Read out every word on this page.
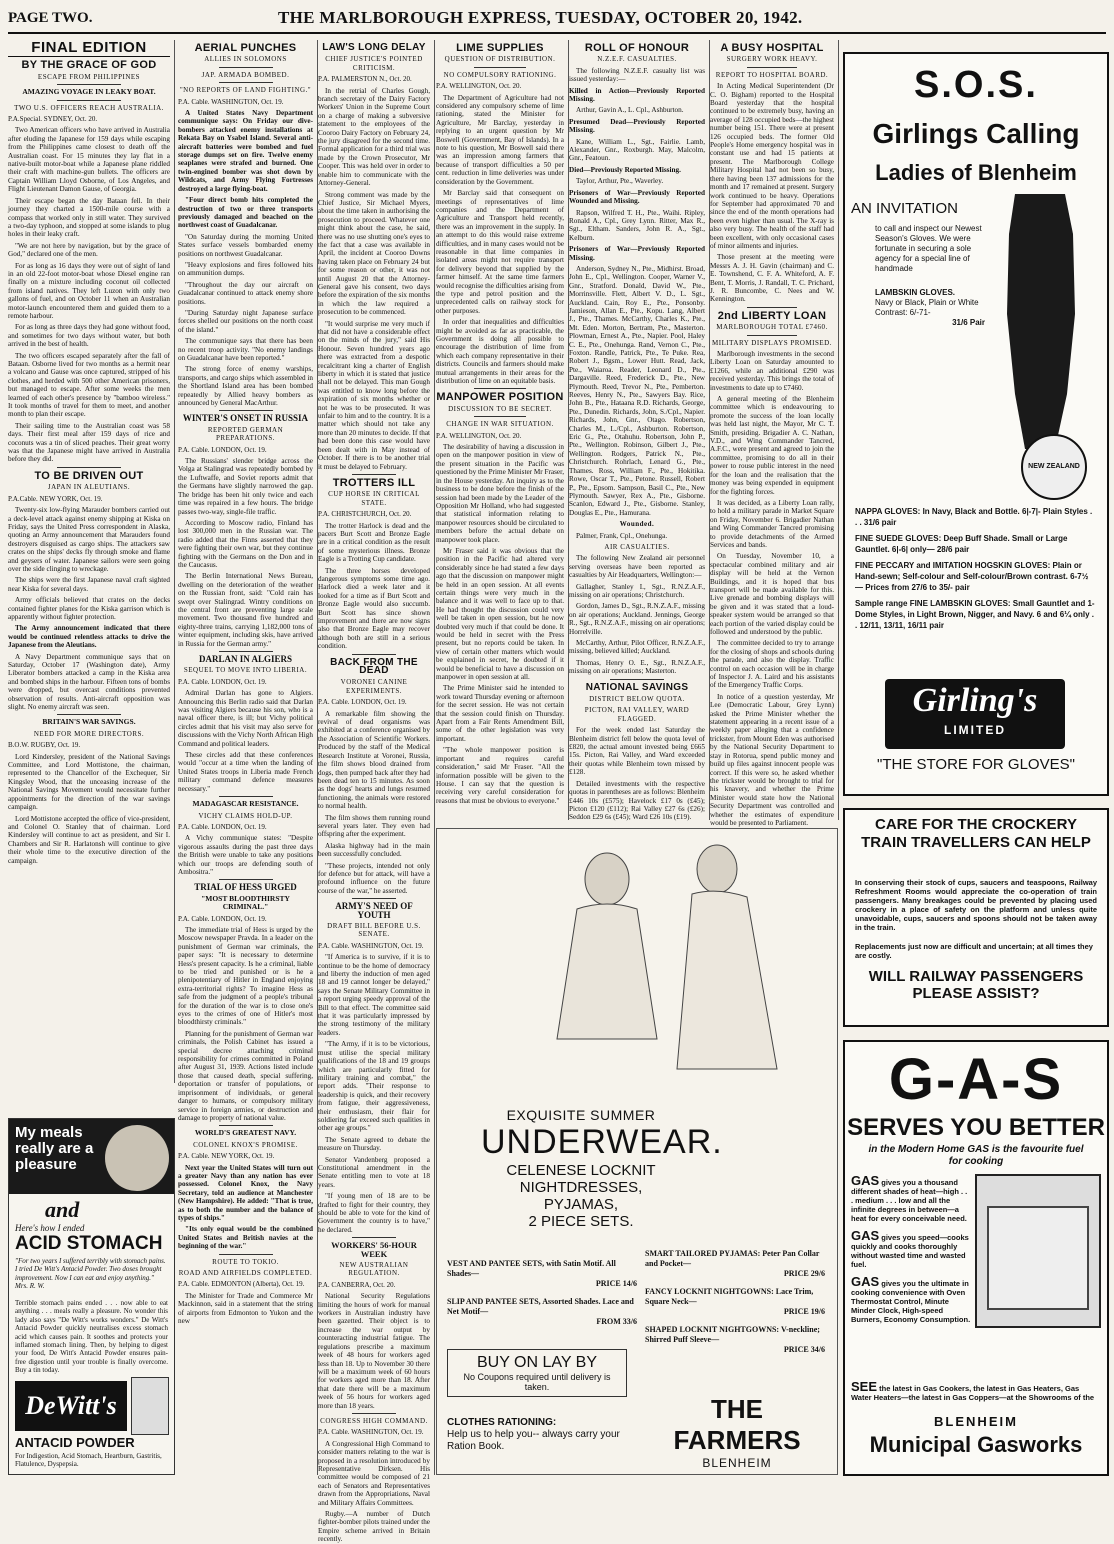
PAGE TWO.	THE MARLBOROUGH EXPRESS, TUESDAY, OCTOBER 20, 1942.
FINAL EDITION
BY THE GRACE OF GOD
ESCAPE FROM PHILIPPINES
AMAZING VOYAGE IN LEAKY BOAT.
TWO U.S. OFFICERS REACH AUSTRALIA.
P.A.Special. SYDNEY, Oct. 20.

Two American officers who have arrived in Australia after eluding the Japanese for 159 days while escaping from the Philippines came closest to death off the Australian coast. For 15 minutes they lay flat in a native-built motor-boat while a Japanese plane riddled their craft with machine-gun bullets. The officers are Captain William Lloyd Osborne, of Los Angeles, and Flight Lieutenant Damon Gause, of Georgia.

Their escape began the day Bataan fell. In their journey they charted a 1500-mile course with a compass that worked only in still water. They survived a two-day typhoon, and stopped at some islands to plug holes in their leaky craft.

"We are not here by navigation, but by the grace of God," declared one of the men.

For as long as 16 days they were out of sight of land in an old 22-foot motor-boat whose Diesel engine ran finally on a mixture including coconut oil collected from island natives. They left Luzon with only two gallons of fuel, and on October 11 when an Australian motor-launch encountered them and guided them to a remote harbour.

For as long as three days they had gone without food, and sometimes for two days without water, but both arrived in the best of health.

The two officers escaped separately after the fall of Bataan. Osborne lived for two months as a hermit near a volcano and Gause was once captured, stripped of his clothes, and herded with 500 other American prisoners, but managed to escape. After some weeks the men learned of each other's presence by "bamboo wireless." It took months of travel for them to meet, and another month to plan their escape.

Their sailing time to the Australian coast was 58 days. Their first meal after 159 days of rice and coconuts was a tin of sliced peaches. Their great worry was that the Japanese might have arrived in Australia before they did.

TO BE DRIVEN OUT
JAPAN IN ALEUTIANS.
P.A.Cable. NEW YORK, Oct. 19.

Twenty-six low-flying Marauder bombers carried out a deck-level attack against enemy shipping at Kiska on Friday, says the United Press correspondent in Alaska, quoting an Army announcement that Marauders found destroyers disguised as cargo ships. The attackers saw crates on the ships' decks fly through smoke and flame and geysers of water. Japanese sailors were seen going over the side clinging to wreckage.

The ships were the first Japanese naval craft sighted near Kiska for several days.

Army officials believed that crates on the decks contained fighter planes for the Kiska garrison which is apparently without fighter protection.

The Army announcement indicated that there would be continued relentless attacks to drive the Japanese from the Aleutians.

A Navy Department communique says that on Saturday, October 17 (Washington date), Army Liberator bombers attacked a camp in the Kiska area and bombed ships in the harbour. Fifteen tons of bombs were dropped, but overcast conditions prevented observation of results. Anti-aircraft opposition was slight. No enemy aircraft was seen.

BRITAIN'S WAR SAVINGS.
NEED FOR MORE DIRECTORS.
B.O.W. RUGBY, Oct. 19.

Lord Kindersley, president of the National Savings Committee, and Lord Mottistone, the chairman, represented to the Chancellor of the Exchequer, Sir Kingsley Wood, that the unceasing increase of the National Savings Movement would necessitate further appointments for the direction of the war savings campaign.

Lord Mottistone accepted the office of vice-president, and Colonel O. Stanley that of chairman. Lord Kindersley will continue to act as president, and Sir I. Chambers and Sir R. Harlatonsh will continue to give their whole time to the executive direction of the campaign.

My meals
really are a
pleasure
and
Here's how I ended
ACID STOMACH
"For two years I suffered terribly with stomach pains. I tried De Witt's Antacid Powder. Two doses brought improvement. Now I can eat and enjoy anything." Mrs. R. W.
Terrible stomach pains ended . . . now able to eat anything . . . meals really a pleasure. No wonder this lady also says "De Witt's works wonders." De Witt's Antacid Powder quickly neutralises excess stomach acid which causes pain. It soothes and protects your inflamed stomach lining. Then, by helping to digest your food, De Witt's Antacid Powder ensures pain-free digestion until your trouble is finally overcome. Buy a tin today.
DeWitt's
ANTACID POWDER
For Indigestion, Acid Stomach, Heartburn, Gastritis, Flatulence, Dyspepsia.
AERIAL PUNCHES
ALLIES IN SOLOMONS
JAP. ARMADA BOMBED.
"NO REPORTS OF LAND FIGHTING."
P.A. Cable. WASHINGTON, Oct. 19.

A United States Navy Department communique says: On Friday our dive-bombers attacked enemy installations at Rekata Bay on Ysabel Island. Several anti-aircraft batteries were bombed and fuel storage dumps set on fire. Twelve enemy seaplanes were strafed and burned. One twin-engined bomber was shot down by Wildcats, and Army Flying Fortresses destroyed a large flying-boat.

"Four direct bomb hits completed the destruction of two or three transports previously damaged and beached on the northwest coast of Guadalcanar.

"On Saturday during the morning United States surface vessels bombarded enemy positions on northwest Guadalcanar.

"Heavy explosions and fires followed hits on ammunition dumps.

"Throughout the day our aircraft on Guadalcanar continued to attack enemy shore positions.

"During Saturday night Japanese surface forces shelled our positions on the north coast of the island."

The communique says that there has been no recent troop activity. "No enemy landings on Guadalcanar have been reported."

The strong force of enemy warships, transports, and cargo ships which assembled in the Shortland Island area has been bombed repeatedly by Allied heavy bombers as announced by General MacArthur.

WINTER'S ONSET IN RUSSIA
REPORTED GERMAN PREPARATIONS.
P.A. Cable. LONDON, Oct. 19.

The Russians' slender bridge across the Volga at Stalingrad was repeatedly bombed by the Luftwaffe, and Soviet reports admit that the Germans have slightly narrowed the gap. The bridge has been hit only twice and each time was repaired in a few hours. The bridge passes two-way, single-file traffic.

According to Moscow radio, Finland has lost 300,000 men in the Russian war. The radio added that the Finns asserted that they were fighting their own war, but they continue fighting with the Germans on the Don and in the Caucasus.

The Berlin International News Bureau, dwelling on the deterioration of the weather on the Russian front, said: "Cold rain has swept over Stalingrad. Wintry conditions on the central front are preventing large scale movement. Two thousand five hundred and eighty-three trains, carrying 1,182,000 tons of winter equipment, including skis, have arrived in Russia for the German army."

DARLAN IN ALGIERS
SEQUEL TO MOVE INTO LIBERIA.
P.A. Cable. LONDON, Oct. 19.

Admiral Darlan has gone to Algiers. Announcing this Berlin radio said that Darlan was visiting Algiers because his son, who is a naval officer there, is ill; but Vichy political circles admit that his visit may also serve for discussions with the Vichy North African High Command and political leaders.

These circles add that these conferences would "occur at a time when the landing of United States troops in Liberia made French military command defence measures necessary."

MADAGASCAR RESISTANCE.
VICHY CLAIMS HOLD-UP.
P.A. Cable. LONDON, Oct. 19.

A Vichy communique states: "Despite vigorous assaults during the past three days the British were unable to take any positions which our troops are defending south of Ambositra."

TRIAL OF HESS URGED
"MOST BLOODTHIRSTY CRIMINAL."
P.A. Cable. LONDON, Oct. 19.

The immediate trial of Hess is urged by the Moscow newspaper Pravda. In a leader on the punishment of German war criminals, the paper says: "It is necessary to determine Hess's present capacity. Is he a criminal, liable to be tried and punished or is he a plenipotentiary of Hitler in England enjoying extra-territorial rights? To imagine Hess as safe from the judgment of a people's tribunal for the duration of the war is to close one's eyes to the crimes of one of Hitler's most bloodthirsty criminals."

Planning for the punishment of German war criminals, the Polish Cabinet has issued a special decree attaching criminal responsibility for crimes committed in Poland after August 31, 1939. Actions listed include those that caused death, special suffering, deportation or transfer of populations, or imprisonment of individuals, or general danger to humans, or compulsory military service in foreign armies, or destruction and damage to property of national value.

WORLD'S GREATEST NAVY.
COLONEL KNOX'S PROMISE.
P.A. Cable. NEW YORK, Oct. 19.

Next year the United States will turn out a greater Navy than any nation has ever possessed. Colonel Knox, the Navy Secretary, told an audience at Manchester (New Hampshire). He added: "That is true, as to both the number and the balance of types of ships."

"Its only equal would be the combined United States and British navies at the beginning of the war."

ROUTE TO TOKIO.
ROAD AND AIRFIELDS COMPLETED.
P.A. Cable. EDMONTON (Alberta), Oct. 19.

The Minister for Trade and Commerce Mr Mackinnon, said in a statement that the string of airports from Edmonton to Yukon and the new

LAW'S LONG DELAY
CHIEF JUSTICE'S POINTED CRITICISM.
P.A. PALMERSTON N., Oct. 20.

In the retrial of Charles Gough, branch secretary of the Dairy Factory Workers' Union in the Supreme Court on a charge of making a subversive statement to the employees of the Cooroo Dairy Factory on February 24, the jury disagreed for the second time. Formal application for a third trial was made by the Crown Prosecutor, Mr Cooper. This was held over in order to enable him to communicate with the Attorney-General.

Strong comment was made by the Chief Justice, Sir Michael Myers, about the time taken in authorising the prosecution to proceed. Whatever one might think about the case, he said, there was no use shutting one's eyes to the fact that a case was available in April, the incident at Cooroo Downs having taken place on February 24 but for some reason or other, it was not until August 20 that the Attorney-General gave his consent, two days before the expiration of the six months in which the law required a prosecution to be commenced.

"It would surprise me very much if that did not have a considerable effect on the minds of the jury," said His Honour. Seven hundred years ago there was extracted from a despotic recalcitrant king a charter of English liberty in which it is stated that justice shall not be delayed. This man Gough was entitled to know long before the expiration of six months whether or not he was to be prosecuted. It was unfair to him and to the country. It is a matter which should not take any more than 20 minutes to decide. If that had been done this case would have been dealt with in May instead of October. If there is to be another trial it must be delayed to February.

TROTTERS ILL
CUP HORSE IN CRITICAL STATE.
P.A. CHRISTCHURCH, Oct. 20.

The trotter Harlock is dead and the pacers Burt Scott and Bronze Eagle are in a critical condition as the result of some mysterious illness. Bronze Eagle is a Trotting Cup candidate.

The three horses developed dangerous symptoms some time ago. Harlock died a week later and it looked for a time as if Burt Scott and Bronze Eagle would also succumb. Burt Scott has since shown improvement and there are now signs also that Bronze Eagle may recover although both are still in a serious condition.

BACK FROM THE DEAD
VORONEI CANINE EXPERIMENTS.
P.A. Cable. LONDON, Oct. 19.

A remarkable film showing the revival of dead organisms was exhibited at a conference organised by the Association of Scientific Workers. Produced by the staff of the Medical Research Institute at Voronei, Russia, the film shows blood drained from dogs, then pumped back after they had been dead ten to 15 minutes. As soon as the dogs' hearts and lungs resumed functioning, the animals were restored to normal health.

The film shows them running round several years later. They even had offspring after the experiment.

Alaska highway had in the main been successfully concluded.

"These projects, intended not only for defence but for attack, will have a profound influence on the future course of the war," he asserted.

ARMY'S NEED OF YOUTH
DRAFT BILL BEFORE U.S. SENATE.
P.A. Cable. WASHINGTON, Oct. 19.

"If America is to survive, if it is to continue to be the home of democracy and liberty the induction of men aged 18 and 19 cannot longer be delayed," says the Senate Military Committee in a report urging speedy approval of the Bill to that effect. The committee said that it was particularly impressed by the strong testimony of the military leaders.

"The Army, if it is to be victorious, must utilise the special military qualifications of the 18 and 19 groups which are particularly fitted for military training and combat," the report adds. "Their response to leadership is quick, and their recovery from fatigue, their aggressiveness, their enthusiasm, their flair for soldiering far exceed such qualities in other age groups."

The Senate agreed to debate the measure on Thursday.

Senator Vandenberg proposed a Constitutional amendment in the Senate entitling men to vote at 18 years.

"If young men of 18 are to be drafted to fight for their country, they should be able to vote for the kind of Government the country is to have," he declared.

WORKERS' 56-HOUR WEEK
NEW AUSTRALIAN REGULATION.
P.A. CANBERRA, Oct. 20.

National Security Regulations limiting the hours of work for manual workers in Australian industry have been gazetted. Their object is to increase the war output by counteracting industrial fatigue. The regulations prescribe a maximum week of 48 hours for workers aged less than 18. Up to November 30 there will be a maximum week of 60 hours for workers aged more than 18. After that date there will be a maximum week of 56 hours for workers aged more than 18 years.

CONGRESS HIGH COMMAND.
P.A. Cable. WASHINGTON, Oct. 19.

A Congressional High Command to consider matters relating to the war is proposed in a resolution introduced by Representative Dirksen. His committee would be composed of 21 each of Senators and Representatives drawn from the Appropriations, Naval and Military Affairs Committees.

Rugby.—A number of Dutch fighter-bomber pilots trained under the Empire scheme arrived in Britain recently.

LIME SUPPLIES
QUESTION OF DISTRIBUTION.
NO COMPULSORY RATIONING.
P.A. WELLINGTON, Oct. 20.

The Department of Agriculture had not considered any compulsory scheme of lime rationing, stated the Minister for Agriculture, Mr Barclay, yesterday in replying to an urgent question by Mr Boswell (Government, Bay of Islands). In a note to his question, Mr Boswell said there was an impression among farmers that because of transport difficulties a 50 per cent. reduction in lime deliveries was under consideration by the Government.

Mr Barclay said that consequent on meetings of representatives of lime companies and the Department of Agriculture and Transport held recently, there was an improvement in the supply. In an attempt to do this would raise extreme difficulties, and in many cases would not be reasonable in that lime companies in isolated areas might not require transport for delivery beyond that supplied by the farmer himself. At the same time farmers would recognise the difficulties arising from the type and petrol position and the unprecedented calls on railway stock for other purposes.

In order that inequalities and difficulties might be avoided as far as practicable, the Government is doing all possible to encourage the distribution of lime from which each company representative in their districts. Councils and farmers should make mutual arrangements in their areas for the distribution of lime on an equitable basis.

MANPOWER POSITION
DISCUSSION TO BE SECRET.
CHANGE IN WAR SITUATION.
P.A. WELLINGTON, Oct. 20.

The desirability of having a discussion in open on the manpower position in view of the present situation in the Pacific was questioned by the Prime Minister Mr Fraser, in the House yesterday. An inquiry as to the business to be done before the finish of the session had been made by the Leader of the Opposition Mr Holland, who had suggested that statistical information relating to manpower resources should be circulated to members before the actual debate on manpower took place.

Mr Fraser said it was obvious that the position in the Pacific had altered very considerably since he had stated a few days ago that the discussion on manpower might be held in an open session. At all events certain things were very much in the balance and it was well to face up to that. He had thought the discussion could very well be taken in open session, but he now doubted very much if that could be done. It would be held in secret with the Press present, but no reports could be taken. In view of certain other matters which would be explained in secret, he doubted if it would be beneficial to have a discussion on manpower in open session at all.

The Prime Minister said he intended to work toward Thursday evening or afternoon for the secret session. He was not certain that the session could finish on Thursday. Apart from a Fair Rents Amendment Bill, some of the other legislation was very important.

"The whole manpower position is important and requires careful consideration," said Mr Fraser. "All the information possible will be given to the House. I can say that the question is receiving very careful consideration for reasons that must be obvious to everyone."

ROLL OF HONOUR
N.Z.E.F. CASUALTIES.

The following N.Z.E.F. casualty list was issued yesterday:—

Killed in Action—Previously Reported Missing.

Arthur, Gavin A., L. Cpl., Ashburton.

Presumed Dead—Previously Reported Missing.

Kane, William L., Sgt., Fairlie. Lamb, Alexander, Gnr., Roxburgh. May, Malcolm, Gnr., Featoun.

Died—Previously Reported Missing.

Taylor, Arthur, Pte., Waverley.

Prisoners of War—Previously Reported Wounded and Missing.

Rapson, Wilfred T. H., Pte., Waihi. Ripley, Ronald A., Cpl., Grey Lynn. Ritter, Max R., Sgt., Eltham. Sanders, John R. A., Sgt., Kelburn.

Prisoners of War—Previously Reported Missing.

Anderson, Sydney N., Pte., Midhirst. Broad, John E., Cpl., Wellington. Cooper, Warner V., Gnr., Stratford. Donald, David W., Pte., Morrinsville. Flett, Albert V. D., L. Sgt., Auckland. Cain, Roy E., Pte., Ponsonby. Jamieson, Allan E., Pte., Kopu. Lang, Albert J., Pte., Thames. McCarthy, Charles K., Pte., Mt. Eden. Morton, Bertram, Pte., Masterton. Plowman, Ernest A., Pte., Napier. Pool, Haley C. E., Pte., Onehunga. Rand, Vernon C., Pte., Foxton. Randle, Patrick, Pte., Te Puke. Rea, Robert J., Bgsm., Lower Hutt. Read, Jack, Pte., Waiaroa. Reader, Leonard D., Pte., Dargaville. Reed, Frederick D., Pte., New Plymouth. Reed, Trevor N., Pte., Pemberton. Reeves, Henry N., Pte., Sawyers Bay. Rice, John B., Pte., Hataana R.D. Richards, George, Pte., Dunedin. Richards, John, S./Cpl., Napier. Richards, John, Gnr., Otago. Robertson, Charles M., L./Cpl., Ashburton. Robertson, Eric G., Pte., Otahuhu. Robertson, John P., Pte., Wellington. Robinson, Gilbert J., Pte., Wellington. Rodgers, Patrick N., Pte., Christchurch. Rohrlach, Lenard G., Pte., Thames. Ross, William F., Pte., Hokitika. Rowe, Oscar T., Pte., Petone. Russell, Robert P., Pte., Epsom. Sampson, Basil C., Pte., New Plymouth. Sawyer, Rex A., Pte., Gisborne. Scanlon, Edward J., Pte., Gisborne. Stanley, Douglas E., Pte., Hamurana.

Wounded.

Palmer, Frank, Cpl., Onehunga.

AIR CASUALTIES.

The following New Zealand air personnel serving overseas have been reported as casualties by Air Headquarters, Wellington:—

Gallagher, Stanley I., Sgt., R.N.Z.A.F., missing on air operations; Christchurch.

Gordon, James D., Sgt., R.N.Z.A.F., missing on air operations; Auckland. Jennings, George R., Sgt., R.N.Z.A.F., missing on air operations; Horrelville.

McCarthy, Arthur, Pilot Officer, R.N.Z.A.F., missing, believed killed; Auckland.

Thomas, Henry O. E., Sgt., R.N.Z.A.F., missing on air operations; Masterton.

NATIONAL SAVINGS
DISTRICT BELOW QUOTA.
PICTON, RAI VALLEY, WARD FLAGGED.

For the week ended last Saturday the Blenheim district fell below the quota level of £820, the actual amount invested being £665 15s. Picton, Rai Valley, and Ward exceeded their quotas while Blenheim town missed by £128.

Detailed investments with the respective quotas in parentheses are as follows: Blenheim £446 10s (£575); Havelock £17 0s (£45); Picton £120 (£112); Rai Valley £27 6s (£26); Seddon £29 6s (£45); Ward £26 10s (£19).

A BUSY HOSPITAL
SURGERY WORK HEAVY.
REPORT TO HOSPITAL BOARD.

In Acting Medical Superintendent (Dr C. O. Bigham) reported to the Hospital Board yesterday that the hospital continued to be extremely busy, having an average of 128 occupied beds—the highest number being 151. There were at present 126 occupied beds. The former Old People's Home emergency hospital was in constant use and had 15 patients at present. The Marlborough College Military Hospital had not been so busy, there having been 137 admissions for the month and 17 remained at present. Surgery work continued to be heavy. Operations for September had approximated 70 and since the end of the month operations had been even higher than usual. The X-ray is also very busy. The health of the staff had been excellent, with only occasional cases of minor ailments and injuries.

Those present at the meeting were Messrs A. J. H. Gavin (chairman) and C. E. Townshend, C. F. A. Whiteford, A. F. Bent, T. Morris, J. Randall, T. C. Prichard, J. R. Buncombe, C. Nees and W. Kennington.

2nd LIBERTY LOAN
MARLBOROUGH TOTAL £7460.
MILITARY DISPLAYS PROMISED.

Marlborough investments in the second Liberty Loan on Saturday amounted to £1266, while an additional £290 was received yesterday. This brings the total of investments to date up to £7460.

A general meeting of the Blenheim committee which is endeavouring to promote the success of the loan locally was held last night, the Mayor, Mr C. T. Smith, presiding. Brigadier A. C. Nathan, V.D., and Wing Commander Tancred, A.F.C., were present and agreed to join the committee, promising to do all in their power to rouse public interest in the need for the loan and the realisation that the money was being expended in equipment for the fighting forces.

It was decided, as a Liberty Loan rally, to hold a military parade in Market Square on Friday, November 6. Brigadier Nathan and Wing Commander Tancred promising to provide detachments of the Armed Services and bands.

On Tuesday, November 10, a spectacular combined military and air display will be held at the Vernon Buildings, and it is hoped that bus transport will be made available for this. Live grenade and bombing displays will be given and it was stated that a loud-speaker system would be arranged so that each portion of the varied display could be followed and understood by the public.

The committee decided to try to arrange for the closing of shops and schools during the parade, and also the display. Traffic control on each occasion will be in charge of Inspector J. A. Laird and his assistants of the Emergency Traffic Corps.

In notice of a question yesterday, Mr Lee (Democratic Labour, Grey Lynn) asked the Prime Minister whether the statement appearing in a recent issue of a weekly paper alleging that a confidence trickster, from Mount Eden was authorised by the National Security Department to stay in Rotorua, spend public money and build up files against innocent people was correct. If this were so, he asked whether the trickster would be brought to trial for his knavery, and whether the Prime Minister would state how the National Security Department was controlled and whether the estimates of expenditure would be presented to Parliament.

EXQUISITE SUMMER
UNDERWEAR.
CELENESE LOCKNIT
NIGHTDRESSES, PYJAMAS,
2 PIECE SETS.
VEST AND PANTEE SETS, with Satin Motif. All Shades—
PRICE 14/6
SLIP AND PANTEE SETS, Assorted Shades. Lace and Net Motif—
FROM 33/6
SMART TAILORED PYJAMAS: Peter Pan Collar and Pocket—
PRICE 29/6
FANCY LOCKNIT NIGHTGOWNS: Lace Trim, Square Neck—
PRICE 19/6
SHAPED LOCKNIT NIGHTGOWNS: V-neckline; Shirred Puff Sleeve—
PRICE 34/6
BUY ON LAY BY
No Coupons required until delivery is taken.
CLOTHES RATIONING:
Help us to help you-- always carry your Ration Book.
THE FARMERS
BLENHEIM
S.O.S.
Girlings Calling
Ladies of Blenheim
AN INVITATION
to call and inspect our Newest Season's Gloves. We were fortunate in securing a sole agency for a special line of handmade
LAMBSKIN GLOVES.
Navy or Black, Plain or White Contrast: 6/-71-
31/6 Pair
NEW ZEALAND
NAPPA GLOVES: In Navy, Black and Bottle. 6|-7|- Plain Styles . . . 31/6 pair
FINE SUEDE GLOVES: Deep Buff Shade. Small or Large Gauntlet. 6|-6| only— 28/6 pair
FINE PECCARY and IMITATION HOGSKIN GLOVES: Plain or Hand-sewn; Self-colour and Self-colour/Brown contrast. 6-7½— Prices from 27/6 to 35/- pair
Sample range FINE LAMBSKIN GLOVES: Small Gauntlet and 1-Dome Styles, in Light Brown, Nigger, and Navy. 6 and 6¼ only . . 12/11, 13/11, 16/11 pair
Girling's
LIMITED
"THE STORE FOR GLOVES"
CARE FOR THE CROCKERY TRAIN TRAVELLERS CAN HELP
In conserving their stock of cups, saucers and teaspoons, Railway Refreshment Rooms would appreciate the co-operation of train passengers. Many breakages could be prevented by placing used crockery in a place of safety on the platform and unless quite unavoidable, cups, saucers and spoons should not be taken away in the train.
Replacements just now are difficult and uncertain; at all times they are costly.
WILL RAILWAY PASSENGERS PLEASE ASSIST?
G-A-S
SERVES YOU BETTER
in the Modern Home GAS is the favourite fuel for cooking
GAS gives you a thousand different shades of heat—high . . . medium . . . low and all the infinite degrees in between—a heat for every conceivable need.
GAS gives you speed—cooks quickly and cooks thoroughly without wasted time and wasted fuel.
GAS gives you the ultimate in cooking convenience with Oven Thermostat Control, Minute Minder Clock, High-speed Burners, Economy Consumption.
SEE the latest in Gas Cookers, the latest in Gas Heaters, Gas Water Heaters—the latest in Gas Coppers—at the Showrooms of the
BLENHEIM
Municipal Gasworks
